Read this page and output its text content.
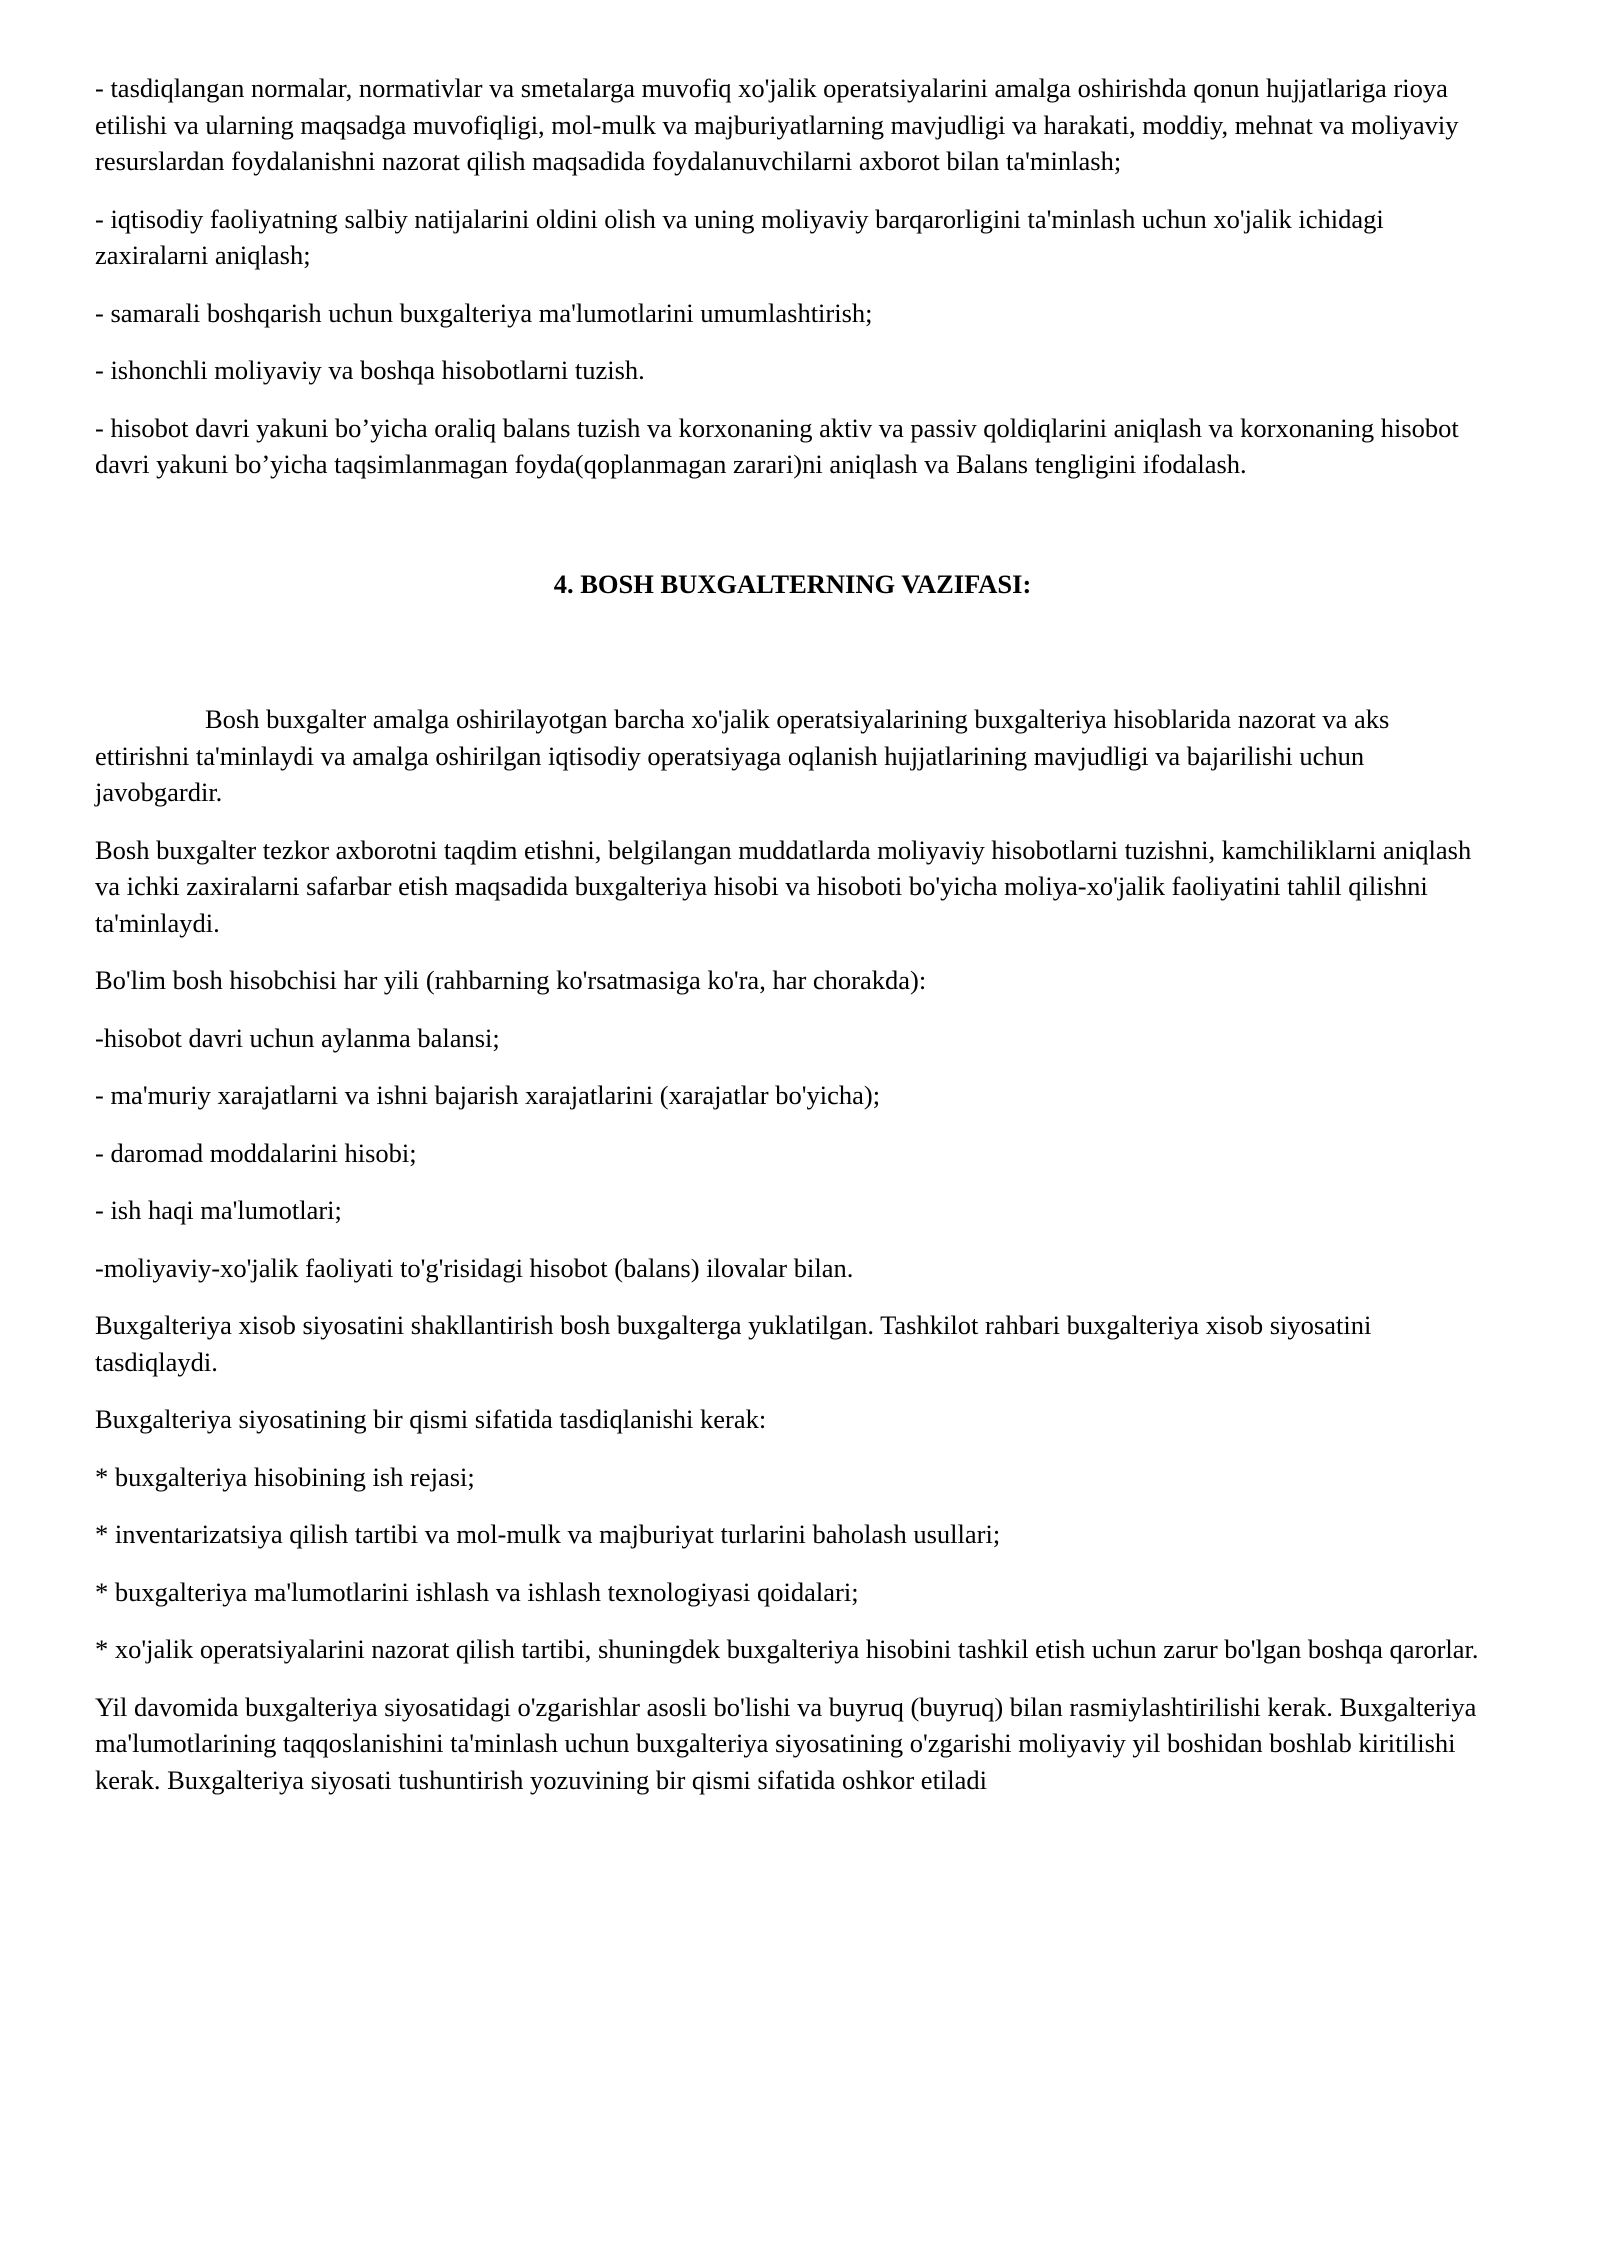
- tasdiqlangan normalar, normativlar va smetalarga muvofiq xo'jalik operatsiyalarini amalga oshirishda qonun hujjatlariga rioya etilishi va ularning maqsadga muvofiqligi, mol-mulk va majburiyatlarning mavjudligi va harakati, moddiy, mehnat va moliyaviy resurslardan foydalanishni nazorat qilish maqsadida foydalanuvchilarni axborot bilan ta'minlash;

- iqtisodiy faoliyatning salbiy natijalarini oldini olish va uning moliyaviy barqarorligini ta'minlash uchun xo'jalik ichidagi zaxiralarni aniqlash;

- samarali boshqarish uchun buxgalteriya ma'lumotlarini umumlashtirish;

- ishonchli moliyaviy va boshqa hisobotlarni tuzish.

- hisobot davri yakuni bo’yicha oraliq balans tuzish va korxonaning aktiv va passiv qoldiqlarini aniqlash va korxonaning hisobot davri yakuni bo’yicha taqsimlanmagan foyda(qoplanmagan zarari)ni aniqlash va Balans tengligini ifodalash.

4. BOSH BUXGALTERNING VAZIFASI:

Bosh buxgalter amalga oshirilayotgan barcha xo'jalik operatsiyalarining buxgalteriya hisoblarida nazorat va aks ettirishni ta'minlaydi va amalga oshirilgan iqtisodiy operatsiyaga oqlanish hujjatlarining mavjudligi va bajarilishi uchun javobgardir.

Bosh buxgalter tezkor axborotni taqdim etishni, belgilangan muddatlarda moliyaviy hisobotlarni tuzishni, kamchiliklarni aniqlash va ichki zaxiralarni safarbar etish maqsadida buxgalteriya hisobi va hisoboti bo'yicha moliya-xo'jalik faoliyatini tahlil qilishni ta'minlaydi.

Bo'lim bosh hisobchisi har yili (rahbarning ko'rsatmasiga ko'ra, har chorakda):

-hisobot davri uchun aylanma balansi;

- ma'muriy xarajatlarni va ishni bajarish xarajatlarini (xarajatlar bo'yicha);

- daromad moddalarini hisobi;

- ish haqi ma'lumotlari;

-moliyaviy-xo'jalik faoliyati to'g'risidagi hisobot (balans) ilovalar bilan.

Buxgalteriya xisob siyosatini shakllantirish bosh buxgalterga yuklatilgan. Tashkilot rahbari buxgalteriya xisob siyosatini tasdiqlaydi.

Buxgalteriya siyosatining bir qismi sifatida tasdiqlanishi kerak:

* buxgalteriya hisobining ish rejasi;

* inventarizatsiya qilish tartibi va mol-mulk va majburiyat turlarini baholash usullari;

* buxgalteriya ma'lumotlarini ishlash va ishlash texnologiyasi qoidalari;

* xo'jalik operatsiyalarini nazorat qilish tartibi, shuningdek buxgalteriya hisobini tashkil etish uchun zarur bo'lgan boshqa qarorlar.

Yil davomida buxgalteriya siyosatidagi o'zgarishlar asosli bo'lishi va buyruq (buyruq) bilan rasmiylashtirilishi kerak. Buxgalteriya ma'lumotlarining taqqoslanishini ta'minlash uchun buxgalteriya siyosatining o'zgarishi moliyaviy yil boshidan boshlab kiritilishi kerak. Buxgalteriya siyosati tushuntirish yozuvining bir qismi sifatida oshkor etiladi
